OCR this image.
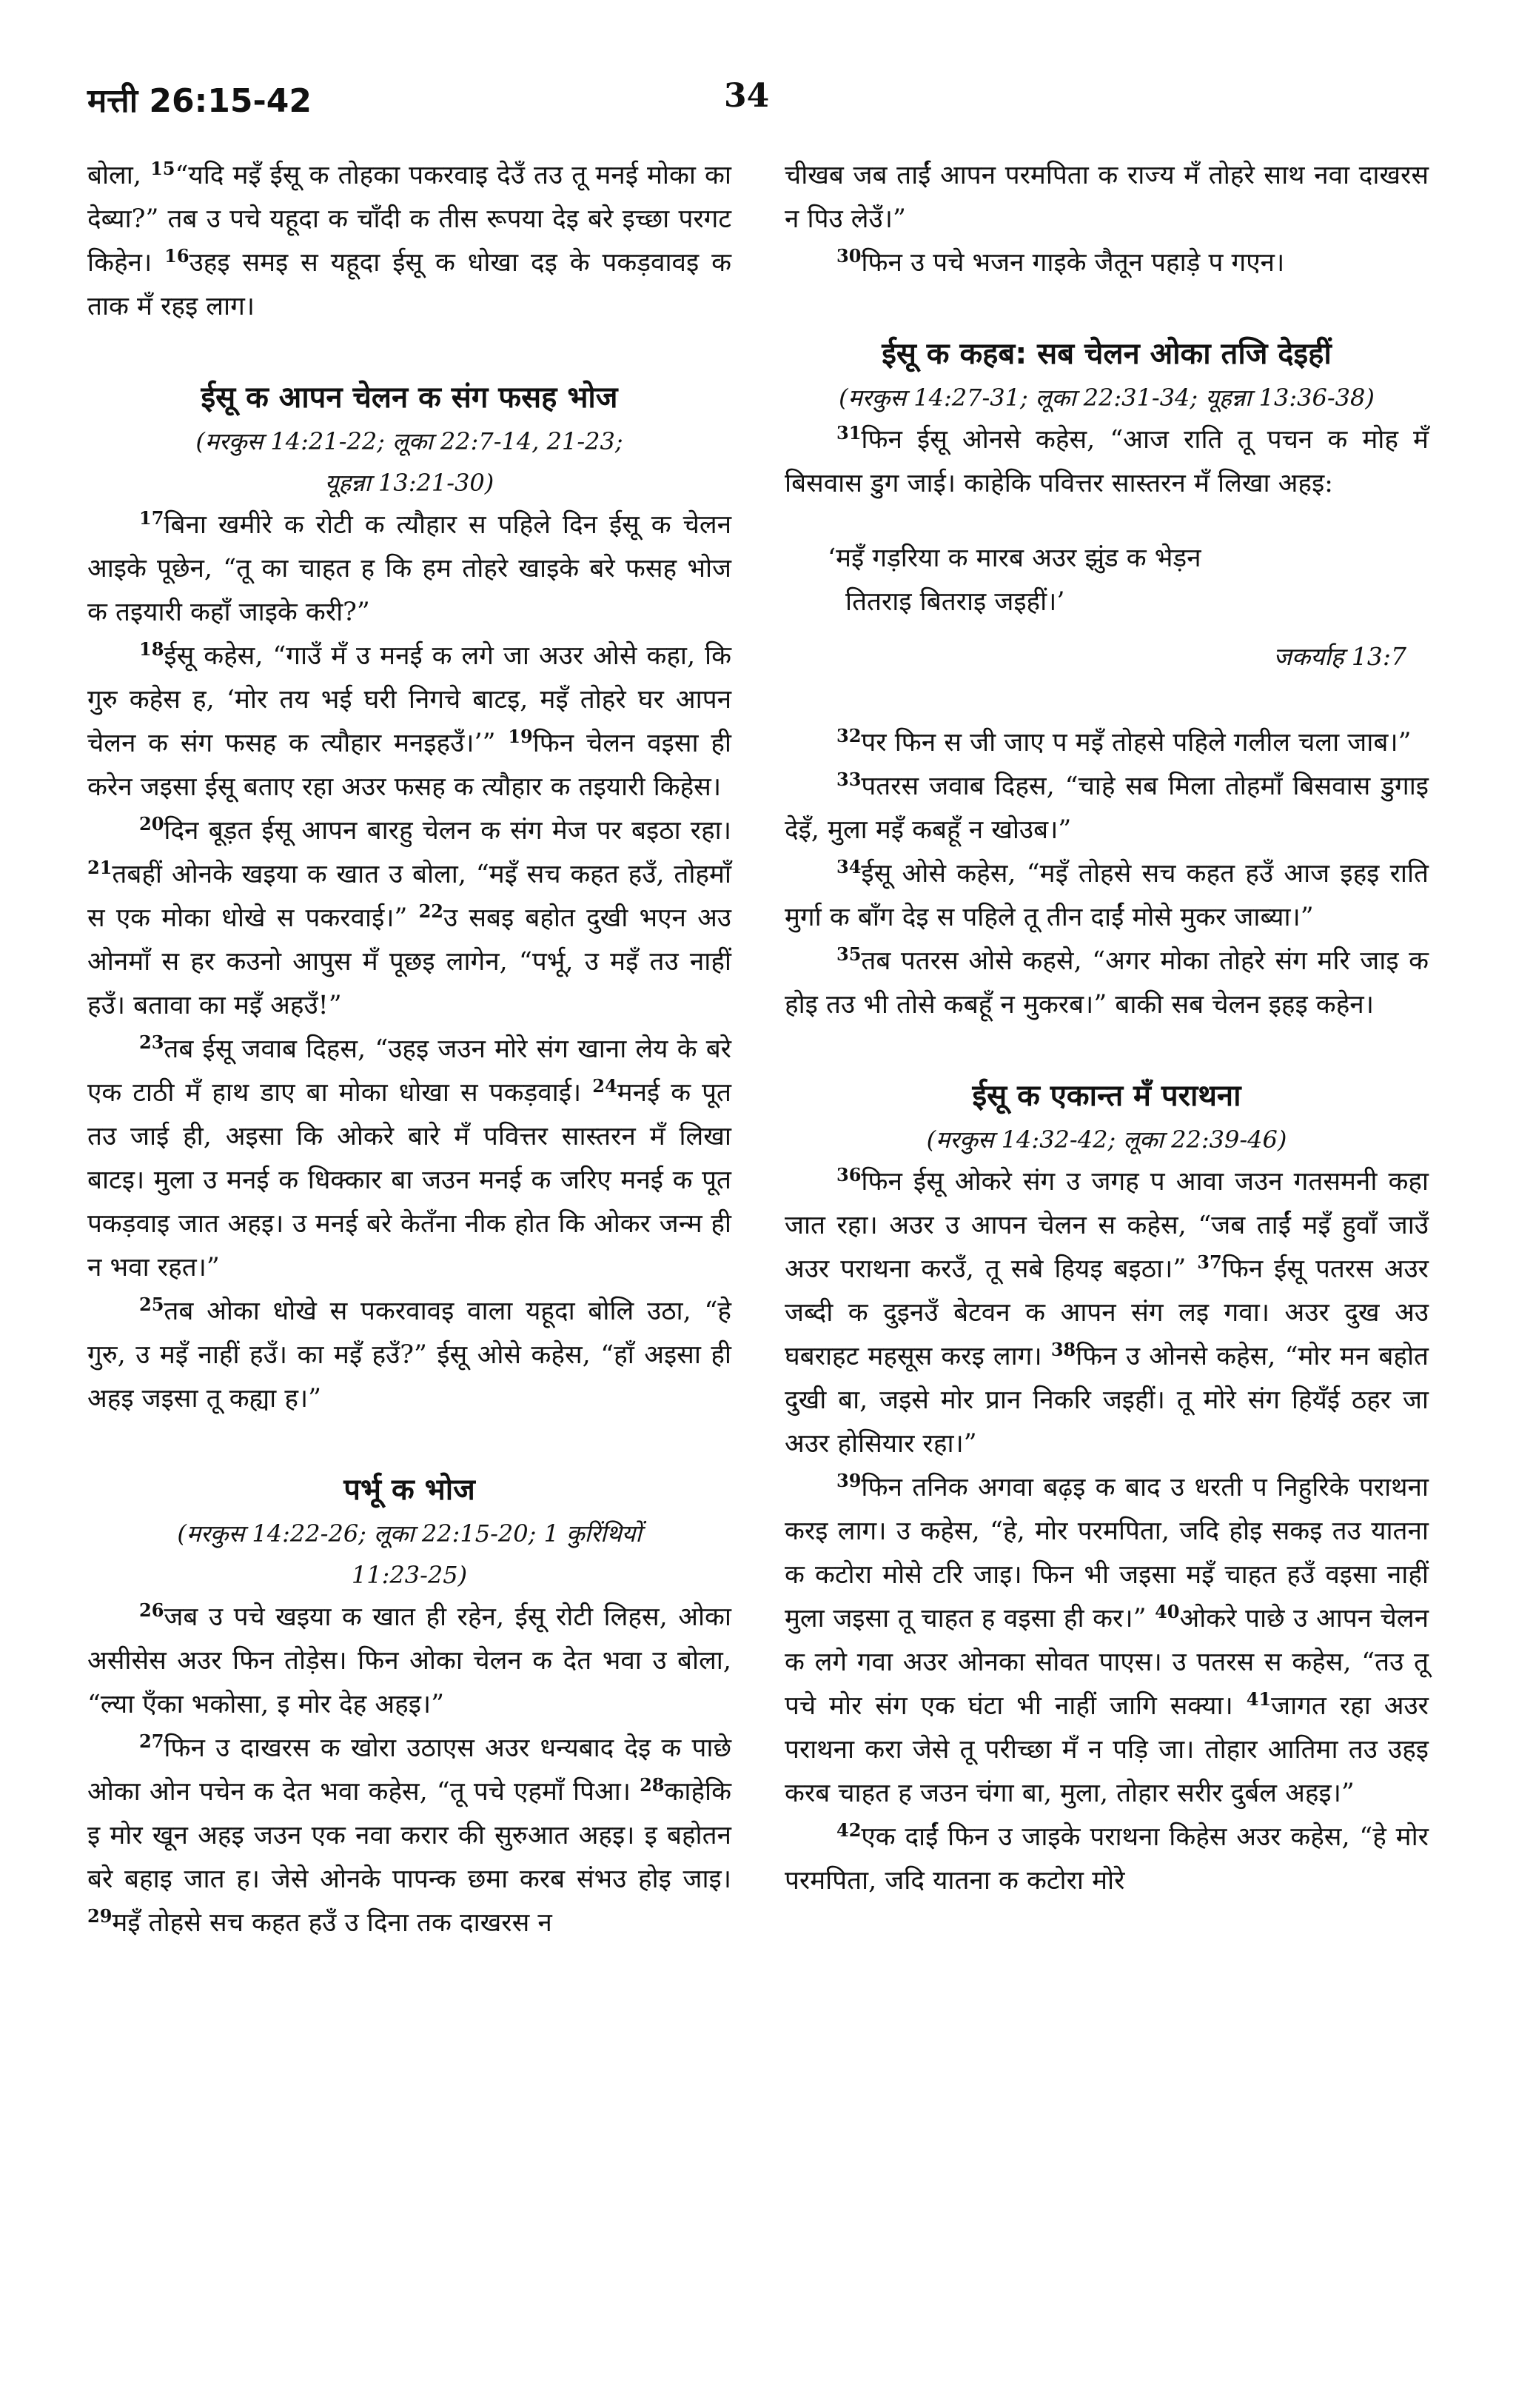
मत्ती 26:15-42	34

बोला, $^{15}$“यदि मइँ ईसू क तोहका पकरवाइ देउँ तउ तू मनई मोका का देब्या?” तब उ पचे यहूदा क चाँदी क तीस रूपया देइ बरे इच्छा परगट किहेन। $^{16}$उहइ समइ स यहूदा ईसू क धोखा दइ के पकड़वावइ क ताक मँ रहइ लाग।

ईसू क आपन चेलन क संग फसह भोज
(मरकुस 14:21-22; लूका 22:7-14, 21-23;
यूहन्ना 13:21-30)

$^{17}$बिना खमीरे क रोटी क त्यौहार स पहिले दिन ईसू क चेलन आइके पूछेन, “तू का चाहत ह कि हम तोहरे खाइके बरे फसह भोज क तइयारी कहाँ जाइके करी?”

$^{18}$ईसू कहेस, “गाउँ मँ उ मनई क लगे जा अउर ओसे कहा, कि गुरु कहेस ह, ‘मोर तय भई घरी निगचे बाटइ, मइँ तोहरे घर आपन चेलन क संग फसह क त्यौहार मनइहउँ।’” $^{19}$फिन चेलन वइसा ही करेन जइसा ईसू बताए रहा अउर फसह क त्यौहार क तइयारी किहेस।

$^{20}$दिन बूड़त ईसू आपन बारहु चेलन क संग मेज पर बइठा रहा। $^{21}$तबहीं ओनके खइया क खात उ बोला, “मइँ सच कहत हउँ, तोहमाँ स एक मोका धोखे स पकरवाई।” $^{22}$उ सबइ बहोत दुखी भएन अउ ओनमाँ स हर कउनो आपुस मँ पूछइ लागेन, “पर्भू, उ मइँ तउ नाहीं हउँ। बतावा का मइँ अहउँ!”

$^{23}$तब ईसू जवाब दिहस, “उहइ जउन मोरे संग खाना लेय के बरे एक टाठी मँ हाथ डाए बा मोका धोखा स पकड़वाई। $^{24}$मनई क पूत तउ जाई ही, अइसा कि ओकरे बारे मँ पवित्तर सास्तरन मँ लिखा बाटइ। मुला उ मनई क धिक्कार बा जउन मनई क जरिए मनई क पूत पकड़वाइ जात अहइ। उ मनई बरे केतँना नीक होत कि ओकर जन्म ही न भवा रहत।”

$^{25}$तब ओका धोखे स पकरवावइ वाला यहूदा बोलि उठा, “हे गुरु, उ मइँ नाहीं हउँ। का मइँ हउँ?” ईसू ओसे कहेस, “हाँ अइसा ही अहइ जइसा तू कह्या ह।”

पर्भू क भोज
(मरकुस 14:22-26; लूका 22:15-20; 1 कुरिंथियों
11:23-25)

$^{26}$जब उ पचे खइया क खात ही रहेन, ईसू रोटी लिहस, ओका असीसेस अउर फिन तोड़ेस। फिन ओका चेलन क देत भवा उ बोला, “ल्या एँका भकोसा, इ मोर देह अहइ।”

$^{27}$फिन उ दाखरस क खोरा उठाएस अउर धन्यबाद देइ क पाछे ओका ओन पचेन क देत भवा कहेस, “तू पचे एहमाँ पिआ। $^{28}$काहेकि इ मोर खून अहइ जउन एक नवा करार की सुरुआत अहइ। इ बहोतन बरे बहाइ जात ह। जेसे ओनके पापन्क छमा करब संभउ होइ जाइ। $^{29}$मइँ तोहसे सच कहत हउँ उ दिना तक दाखरस न

चीखब जब ताईं आपन परमपिता क राज्य मँ तोहरे साथ नवा दाखरस न पिउ लेउँ।”

$^{30}$फिन उ पचे भजन गाइके जैतून पहाड़े प गएन।

ईसू क कहब: सब चेलन ओका तजि देइहीं
(मरकुस 14:27-31; लूका 22:31-34; यूहन्ना 13:36-38)

$^{31}$फिन ईसू ओनसे कहेस, “आज राति तू पचन क मोह मँ बिसवास डुग जाई। काहेकि पवित्तर सास्तरन मँ लिखा अहइ:

‘मइँ गड़रिया क मारब अउर झुंड क भेड़न
तितराइ बितराइ जइहीं।’
जकर्याह 13:7

$^{32}$पर फिन स जी जाए प मइँ तोहसे पहिले गलील चला जाब।”

$^{33}$पतरस जवाब दिहस, “चाहे सब मिला तोहमाँ बिसवास डुगाइ देइँ, मुला मइँ कबहूँ न खोउब।”

$^{34}$ईसू ओसे कहेस, “मइँ तोहसे सच कहत हउँ आज इहइ राति मुर्गा क बाँग देइ स पहिले तू तीन दाईं मोसे मुकर जाब्या।”

$^{35}$तब पतरस ओसे कहसे, “अगर मोका तोहरे संग मरि जाइ क होइ तउ भी तोसे कबहूँ न मुकरब।” बाकी सब चेलन इहइ कहेन।

ईसू क एकान्त मँ पराथना
(मरकुस 14:32-42; लूका 22:39-46)

$^{36}$फिन ईसू ओकरे संग उ जगह प आवा जउन गतसमनी कहा जात रहा। अउर उ आपन चेलन स कहेस, “जब ताईं मइँ हुवाँ जाउँ अउर पराथना करउँ, तू सबे हियइ बइठा।” $^{37}$फिन ईसू पतरस अउर जब्दी क दुइनउँ बेटवन क आपन संग लइ गवा। अउर दुख अउ घबराहट महसूस करइ लाग। $^{38}$फिन उ ओनसे कहेस, “मोर मन बहोत दुखी बा, जइसे मोर प्रान निकरि जइहीं। तू मोरे संग हियँई ठहर जा अउर होसियार रहा।”

$^{39}$फिन तनिक अगवा बढ़इ क बाद उ धरती प निहुरिके पराथना करइ लाग। उ कहेस, “हे, मोर परमपिता, जदि होइ सकइ तउ यातना क कटोरा मोसे टरि जाइ। फिन भी जइसा मइँ चाहत हउँ वइसा नाहीं मुला जइसा तू चाहत ह वइसा ही कर।” $^{40}$ओकरे पाछे उ आपन चेलन क लगे गवा अउर ओनका सोवत पाएस। उ पतरस स कहेस, “तउ तू पचे मोर संग एक घंटा भी नाहीं जागि सक्या। $^{41}$जागत रहा अउर पराथना करा जेसे तू परीच्छा मँ न पड़ि जा। तोहार आतिमा तउ उहइ करब चाहत ह जउन चंगा बा, मुला, तोहार सरीर दुर्बल अहइ।”

$^{42}$एक दाईं फिन उ जाइके पराथना किहेस अउर कहेस, “हे मोर परमपिता, जदि यातना क कटोरा मोरे
